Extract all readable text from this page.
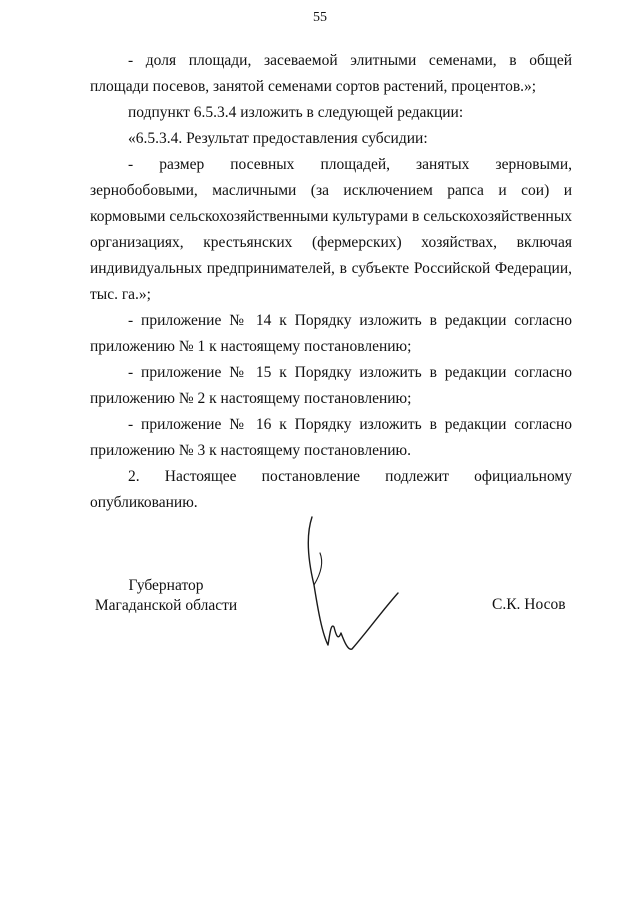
55

- доля площади, засеваемой элитными семенами, в общей площади посевов, занятой семенами сортов растений, процентов.»;

подпункт 6.5.3.4 изложить в следующей редакции:

«6.5.3.4. Результат предоставления субсидии:

- размер посевных площадей, занятых зерновыми, зернобобовыми, масличными (за исключением рапса и сои) и кормовыми сельскохозяйственными культурами в сельскохозяйственных организациях, крестьянских (фермерских) хозяйствах, включая индивидуальных предпринимателей, в субъекте Российской Федерации, тыс. га.»;

- приложение № 14 к Порядку изложить в редакции согласно приложению № 1 к настоящему постановлению;

- приложение № 15 к Порядку изложить в редакции согласно приложению № 2 к настоящему постановлению;

- приложение № 16 к Порядку изложить в редакции согласно приложению № 3 к настоящему постановлению.

2. Настоящее постановление подлежит официальному опубликованию.

Губернатор
Магаданской области	С.К. Носов
